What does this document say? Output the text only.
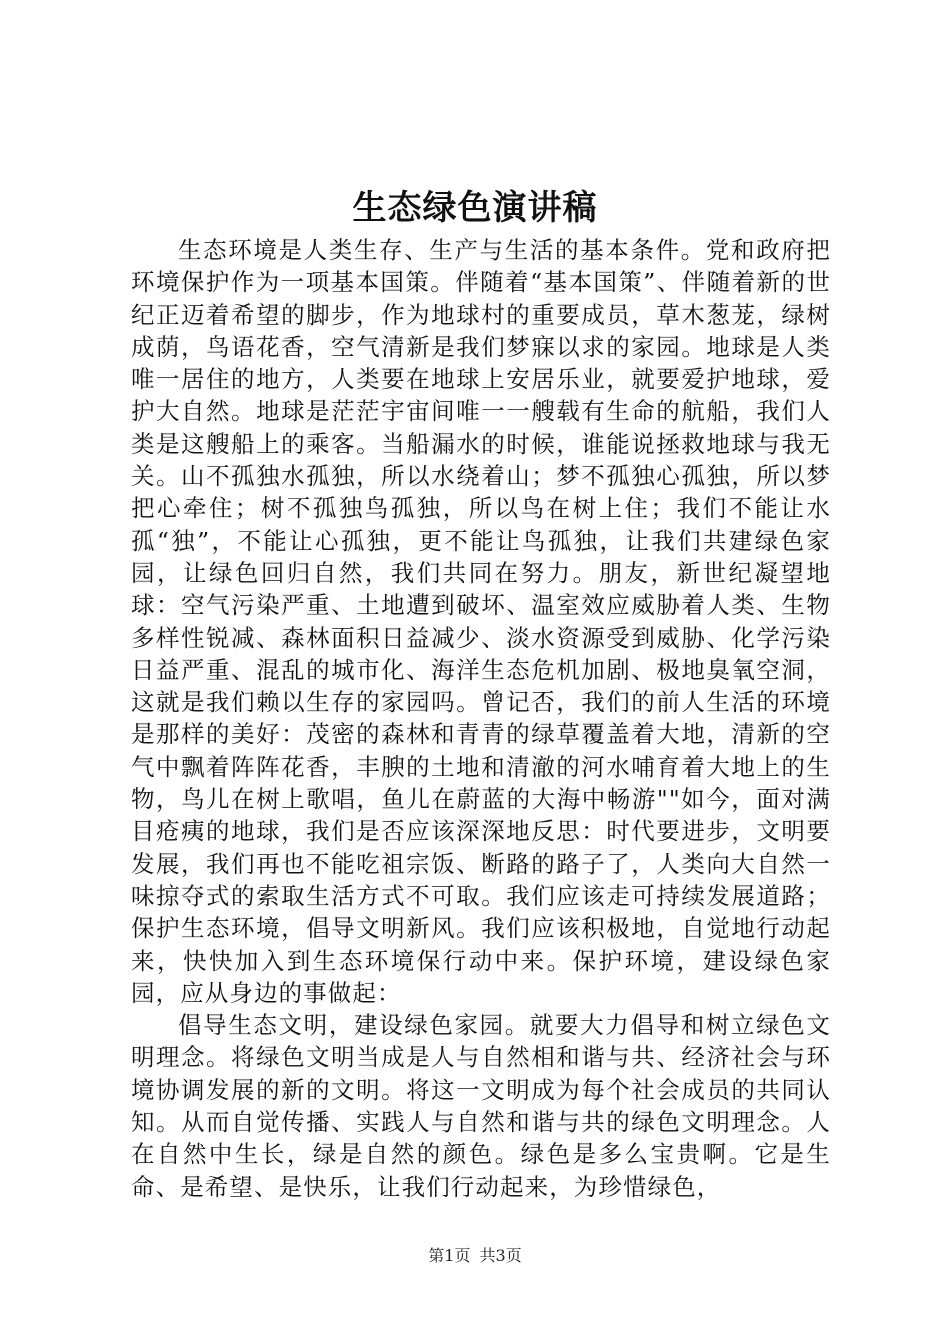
生态绿色演讲稿

生态环境是人类生存、生产与生活的基本条件。党和政府把环境保护作为一项基本国策。伴随着“基本国策”、伴随着新的世纪正迈着希望的脚步，作为地球村的重要成员，草木葱茏，绿树成荫，鸟语花香，空气清新是我们梦寐以求的家园。地球是人类唯一居住的地方，人类要在地球上安居乐业，就要爱护地球，爱护大自然。地球是茫茫宇宙间唯一一艘载有生命的航船，我们人类是这艘船上的乘客。当船漏水的时候，谁能说拯救地球与我无关。山不孤独水孤独，所以水绕着山；梦不孤独心孤独，所以梦把心牵住；树不孤独鸟孤独，所以鸟在树上住；我们不能让水孤“独”，不能让心孤独，更不能让鸟孤独，让我们共建绿色家园，让绿色回归自然，我们共同在努力。朋友，新世纪凝望地球：空气污染严重、土地遭到破坏、温室效应威胁着人类、生物多样性锐减、森林面积日益减少、淡水资源受到威胁、化学污染日益严重、混乱的城市化、海洋生态危机加剧、极地臭氧空洞，这就是我们赖以生存的家园吗。曾记否，我们的前人生活的环境是那样的美好：茂密的森林和青青的绿草覆盖着大地，清新的空气中飘着阵阵花香，丰腴的土地和清澈的河水哺育着大地上的生物，鸟儿在树上歌唱，鱼儿在蔚蓝的大海中畅游""如今，面对满目疮痍的地球，我们是否应该深深地反思：时代要进步，文明要发展，我们再也不能吃祖宗饭、断路的路子了，人类向大自然一味掠夺式的索取生活方式不可取。我们应该走可持续发展道路；保护生态环境，倡导文明新风。我们应该积极地，自觉地行动起来，快快加入到生态环境保行动中来。保护环境，建设绿色家园，应从身边的事做起：

倡导生态文明，建设绿色家园。就要大力倡导和树立绿色文明理念。将绿色文明当成是人与自然相和谐与共、经济社会与环境协调发展的新的文明。将这一文明成为每个社会成员的共同认知。从而自觉传播、实践人与自然和谐与共的绿色文明理念。人在自然中生长，绿是自然的颜色。绿色是多么宝贵啊。它是生命、是希望、是快乐，让我们行动起来，为珍惜绿色，

第1页 共3页
